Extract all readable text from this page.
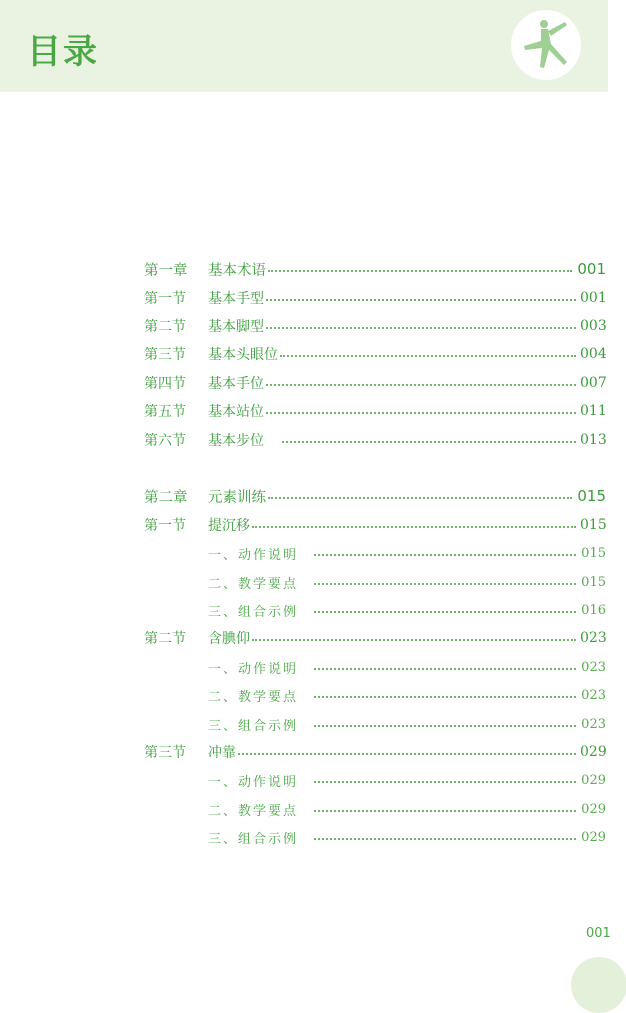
目录
第一章	基本术语	001
第一节	基本手型	001
第二节	基本脚型	003
第三节	基本头眼位	004
第四节	基本手位	007
第五节	基本站位	011
第六节	基本步位	013
第二章	元素训练	015
第一节	提沉移	015
一、动作说明	015
二、教学要点	015
三、组合示例	016
第二节	含腆仰	023
一、动作说明	023
二、教学要点	023
三、组合示例	023
第三节	冲靠	029
一、动作说明	029
二、教学要点	029
三、组合示例	029
001
